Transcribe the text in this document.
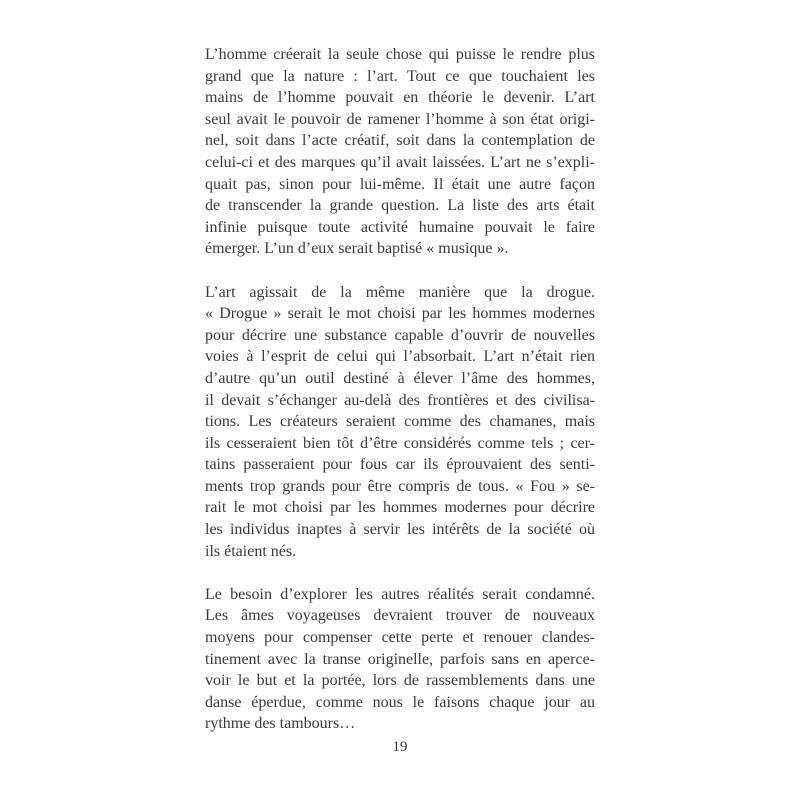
L’homme créerait la seule chose qui puisse le rendre plus
grand que la nature : l’art. Tout ce que touchaient les
mains de l’homme pouvait en théorie le devenir. L’art
seul avait le pouvoir de ramener l’homme à son état origi-
nel, soit dans l’acte créatif, soit dans la contemplation de
celui-ci et des marques qu’il avait laissées. L’art ne s’expli-
quait pas, sinon pour lui-même. Il était une autre façon
de transcender la grande question. La liste des arts était
infinie puisque toute activité humaine pouvait le faire
émerger. L’un d’eux serait baptisé « musique ».
L’art agissait de la même manière que la drogue.
« Drogue » serait le mot choisi par les hommes modernes
pour décrire une substance capable d’ouvrir de nouvelles
voies à l’esprit de celui qui l’absorbait. L’art n’était rien
d’autre qu’un outil destiné à élever l’âme des hommes,
il devait s’échanger au-delà des frontières et des civilisa-
tions. Les créateurs seraient comme des chamanes, mais
ils cesseraient bien tôt d’être considérés comme tels ; cer-
tains passeraient pour fous car ils éprouvaient des senti-
ments trop grands pour être compris de tous. « Fou » se-
rait le mot choisi par les hommes modernes pour décrire
les individus inaptes à servir les intérêts de la société où
ils étaient nés.
Le besoin d’explorer les autres réalités serait condamné.
Les âmes voyageuses devraient trouver de nouveaux
moyens pour compenser cette perte et renouer clandes-
tinement avec la transe originelle, parfois sans en aperce-
voir le but et la portée, lors de rassemblements dans une
danse éperdue, comme nous le faisons chaque jour au
rythme des tambours…
19
